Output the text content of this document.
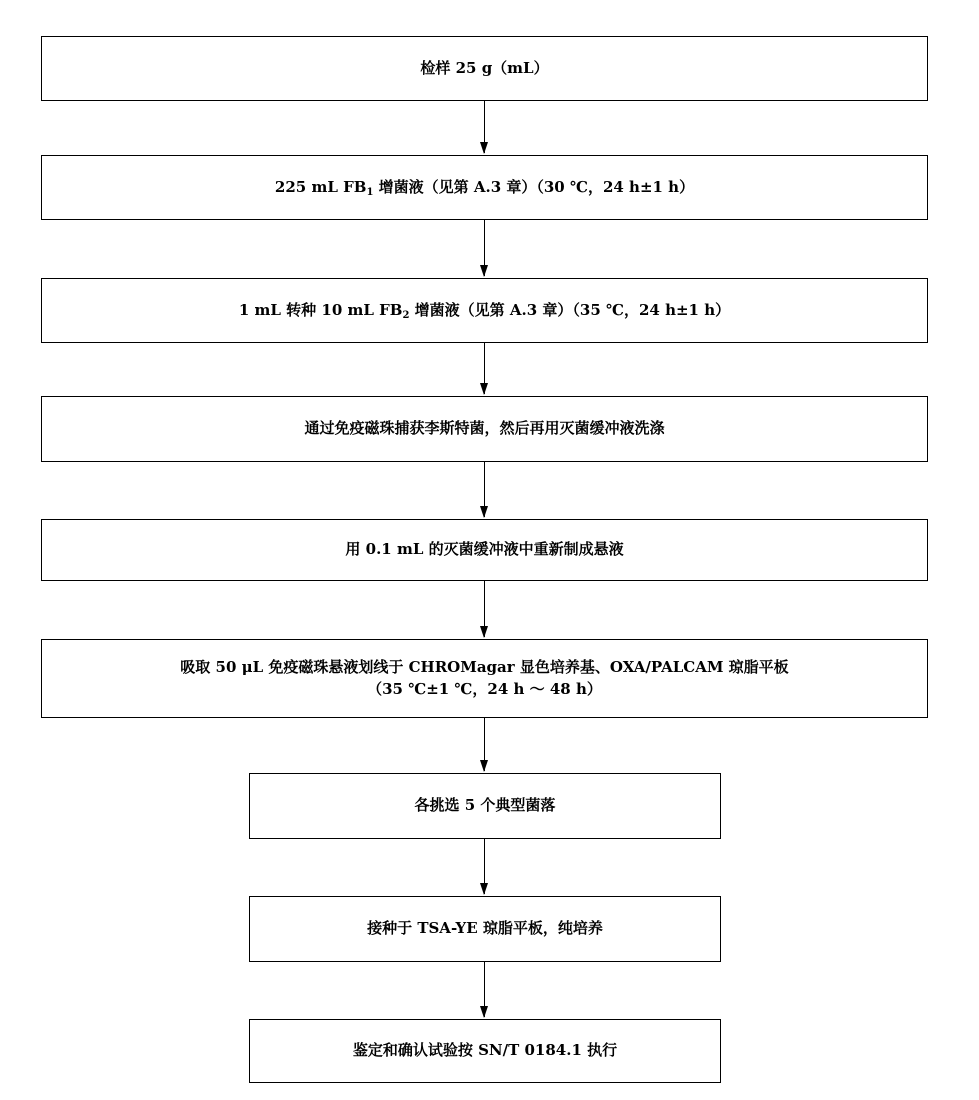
检样 25 g（mL）
225 mL $FB_1$ 增菌液（见第 A.3 章）（30 ℃，24 h±1 h）
1 mL 转种 10 mL $FB_2$ 增菌液（见第 A.3 章）（35 ℃，24 h±1 h）
通过免疫磁珠捕获李斯特菌，然后再用灭菌缓冲液洗涤
用 0.1 mL 的灭菌缓冲液中重新制成悬液
吸取 50 μL 免疫磁珠悬液划线于 CHROMagar 显色培养基、OXA/PALCAM 琼脂平板
（35 ℃±1 ℃，24 h ～ 48 h）
各挑选 5 个典型菌落
接种于 TSA-YE 琼脂平板，纯培养
鉴定和确认试验按 SN/T 0184.1 执行
